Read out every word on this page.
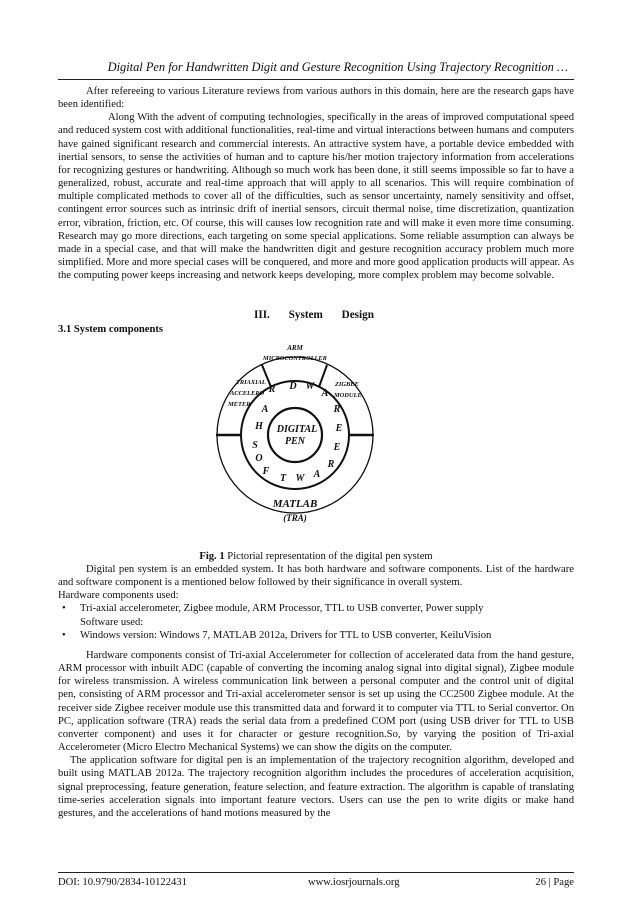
Digital Pen for Handwritten Digit and Gesture Recognition Using Trajectory Recognition …

After refereeing to various Literature reviews from various authors in this domain, here are the research gaps have been identified:

Along With the advent of computing technologies, specifically in the areas of improved computational speed and reduced system cost with additional functionalities, real-time and virtual interactions between humans and computers have gained significant research and commercial interests. An attractive system have, a portable device embedded with inertial sensors, to sense the activities of human and to capture his/her motion trajectory information from accelerations for recognizing gestures or handwriting. Although so much work has been done, it still seems impossible so far to have a generalized, robust, accurate and real-time approach that will apply to all scenarios. This will require combination of multiple complicated methods to cover all of the difficulties, such as sensor uncertainty, namely sensitivity and offset, contingent error sources such as intrinsic drift of inertial sensors, circuit thermal noise, time discretization, quantization error, vibration, friction, etc. Of course, this will causes low recognition rate and will make it even more time consuming. Research may go more directions, each targeting on some special applications. Some reliable assumption can always be made in a special case, and that will make the handwritten digit and gesture recognition accuracy problem much more simplified. More and more special cases will be conquered, and more and more good application products will appear. As the computing power keeps increasing and network keeps developing, more complex problem may become solvable.

III. System Design
3.1 System components
ARM
MICROCONTROLLER
TRIAXIAL
ACCELERO
METER
ZIGBEE
MODULE
DIGITAL
PEN
R D W
A
R
E
E
R
A
W
T
F
O
S
H
A
MATLAB
(TRA)
Fig. 1 Pictorial representation of the digital pen system

Digital pen system is an embedded system. It has both hardware and software components. List of the hardware and software component is a mentioned below followed by their significance in overall system.

Hardware components used:

• Tri-axial accelerometer, Zigbee module, ARM Processor, TTL to USB converter, Power supply

Software used:

• Windows version: Windows 7, MATLAB 2012a, Drivers for TTL to USB converter, KeiluVision

Hardware components consist of Tri-axial Accelerometer for collection of accelerated data from the hand gesture, ARM processor with inbuilt ADC (capable of converting the incoming analog signal into digital signal), Zigbee module for wireless transmission. A wireless communication link between a personal computer and the control unit of digital pen, consisting of ARM processor and Tri-axial accelerometer sensor is set up using the CC2500 Zigbee module. At the receiver side Zigbee receiver module use this transmitted data and forward it to computer via TTL to Serial convertor. On PC, application software (TRA) reads the serial data from a predefined COM port (using USB driver for TTL to USB converter component) and uses it for character or gesture recognition.So, by varying the position of Tri-axial Accelerometer (Micro Electro Mechanical Systems) we can show the digits on the computer.

The application software for digital pen is an implementation of the trajectory recognition algorithm, developed and built using MATLAB 2012a. The trajectory recognition algorithm includes the procedures of acceleration acquisition, signal preprocessing, feature generation, feature selection, and feature extraction. The algorithm is capable of translating time-series acceleration signals into important feature vectors. Users can use the pen to write digits or make hand gestures, and the accelerations of hand motions measured by the

DOI: 10.9790/2834-10122431	www.iosrjournals.org	26 | Page
